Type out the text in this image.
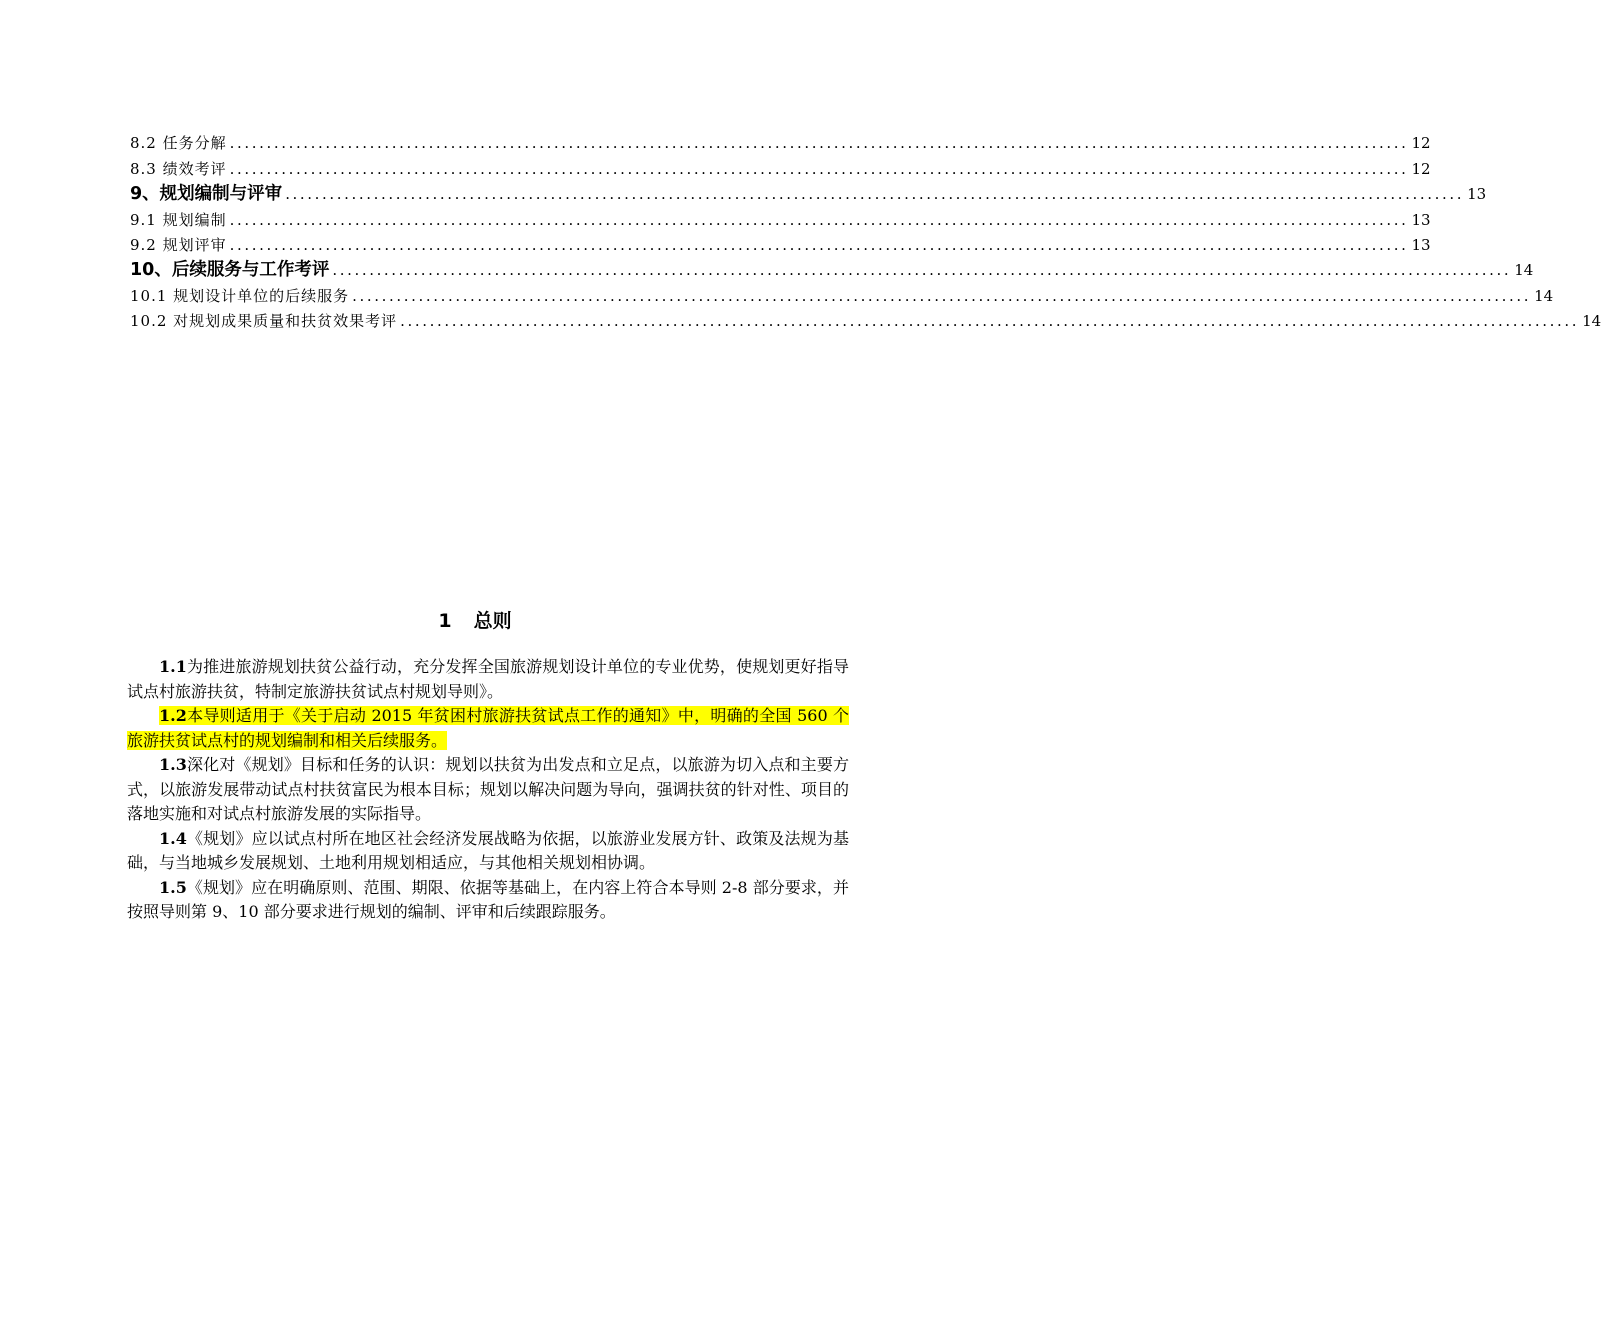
8.2 任务分解 ................................................................................................................................................................ 12
8.3 绩效考评 ................................................................................................................................................................ 12
9、规划编制与评审 ................................................................................................................................................................ 13
9.1 规划编制 ................................................................................................................................................................ 13
9.2 规划评审 ................................................................................................................................................................ 13
10、后续服务与工作考评 ................................................................................................................................................................ 14
10.1 规划设计单位的后续服务 ................................................................................................................................................................ 14
10.2 对规划成果质量和扶贫效果考评 ................................................................................................................................................................ 14
1 总则

1.1为推进旅游规划扶贫公益行动，充分发挥全国旅游规划设计单位的专业优势，使规划更好指导试点村旅游扶贫，特制定旅游扶贫试点村规划导则》。

1.2本导则适用于《关于启动 2015 年贫困村旅游扶贫试点工作的通知》中，明确的全国 560 个旅游扶贫试点村的规划编制和相关后续服务。

1.3深化对《规划》目标和任务的认识：规划以扶贫为出发点和立足点，以旅游为切入点和主要方式，以旅游发展带动试点村扶贫富民为根本目标；规划以解决问题为导向，强调扶贫的针对性、项目的落地实施和对试点村旅游发展的实际指导。

1.4《规划》应以试点村所在地区社会经济发展战略为依据，以旅游业发展方针、政策及法规为基础，与当地城乡发展规划、土地利用规划相适应，与其他相关规划相协调。

1.5《规划》应在明确原则、范围、期限、依据等基础上，在内容上符合本导则 2-8 部分要求，并按照导则第 9、10 部分要求进行规划的编制、评审和后续跟踪服务。
